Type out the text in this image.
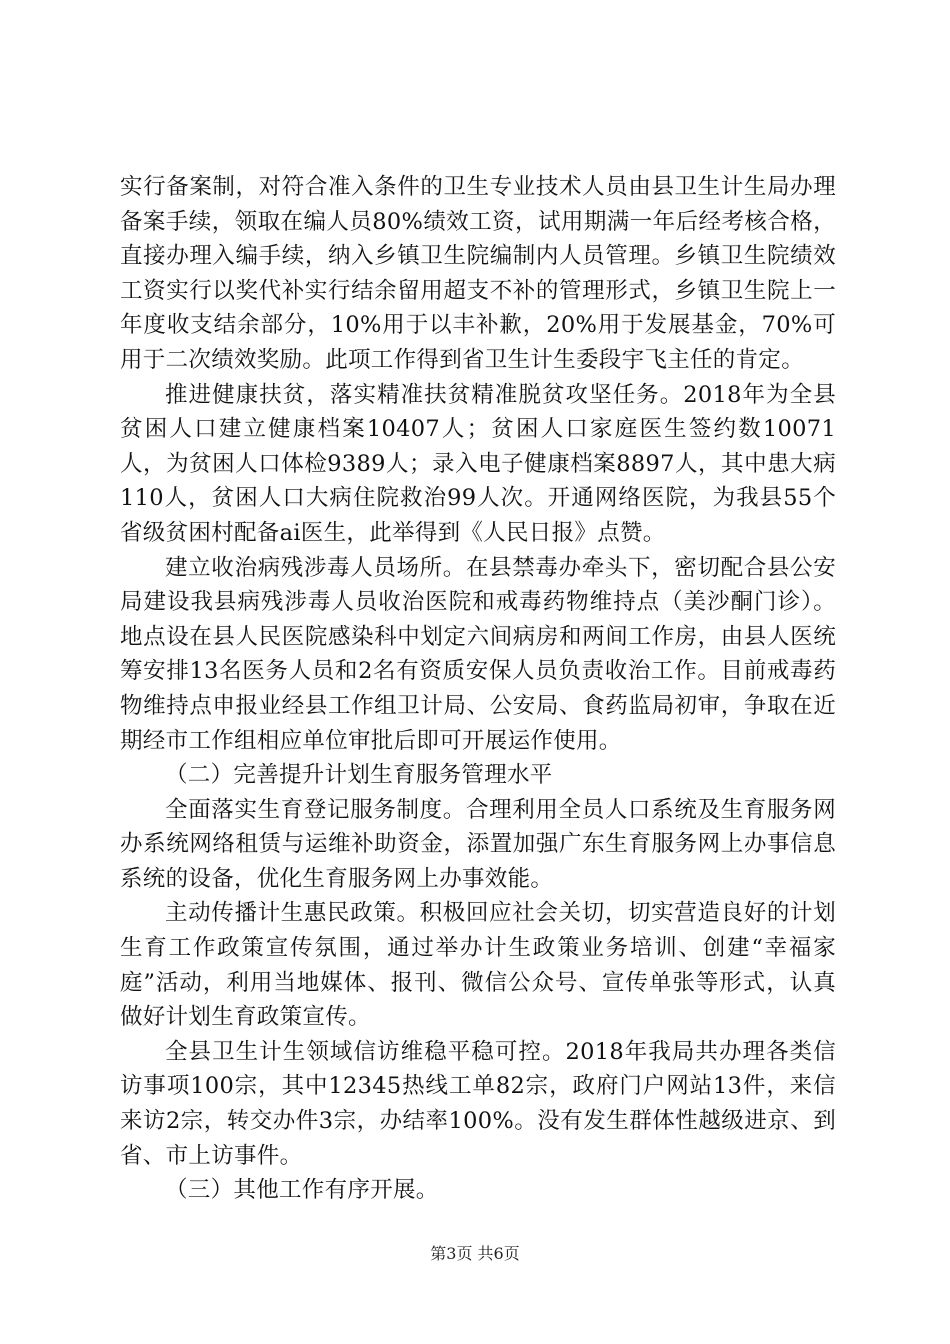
实行备案制，对符合准入条件的卫生专业技术人员由县卫生计生局办理备案手续，领取在编人员80%绩效工资，试用期满一年后经考核合格，直接办理入编手续，纳入乡镇卫生院编制内人员管理。乡镇卫生院绩效工资实行以奖代补实行结余留用超支不补的管理形式，乡镇卫生院上一年度收支结余部分，10%用于以丰补歉，20%用于发展基金，70%可用于二次绩效奖励。此项工作得到省卫生计生委段宇飞主任的肯定。

推进健康扶贫，落实精准扶贫精准脱贫攻坚任务。2018年为全县贫困人口建立健康档案10407人；贫困人口家庭医生签约数10071人，为贫困人口体检9389人；录入电子健康档案8897人，其中患大病110人，贫困人口大病住院救治99人次。开通网络医院，为我县55个省级贫困村配备ai医生，此举得到《人民日报》点赞。

建立收治病残涉毒人员场所。在县禁毒办牵头下，密切配合县公安局建设我县病残涉毒人员收治医院和戒毒药物维持点（美沙酮门诊）。地点设在县人民医院感染科中划定六间病房和两间工作房，由县人医统筹安排13名医务人员和2名有资质安保人员负责收治工作。目前戒毒药物维持点申报业经县工作组卫计局、公安局、食药监局初审，争取在近期经市工作组相应单位审批后即可开展运作使用。

（二）完善提升计划生育服务管理水平

全面落实生育登记服务制度。合理利用全员人口系统及生育服务网办系统网络租赁与运维补助资金，添置加强广东生育服务网上办事信息系统的设备，优化生育服务网上办事效能。

主动传播计生惠民政策。积极回应社会关切，切实营造良好的计划生育工作政策宣传氛围，通过举办计生政策业务培训、创建“幸福家庭”活动，利用当地媒体、报刊、微信公众号、宣传单张等形式，认真做好计划生育政策宣传。

全县卫生计生领域信访维稳平稳可控。2018年我局共办理各类信访事项100宗，其中12345热线工单82宗，政府门户网站13件，来信来访2宗，转交办件3宗，办结率100%。没有发生群体性越级进京、到省、市上访事件。

（三）其他工作有序开展。

第3页 共6页
